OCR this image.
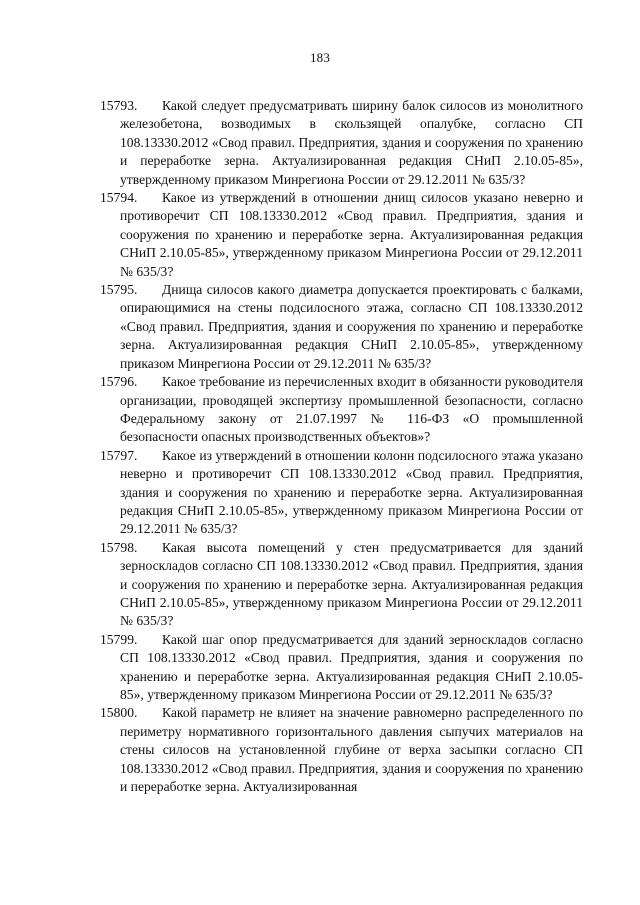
183

15793. Какой следует предусматривать ширину балок силосов из монолитного железобетона, возводимых в скользящей опалубке, согласно СП 108.13330.2012 «Свод правил. Предприятия, здания и сооружения по хранению и переработке зерна. Актуализированная редакция СНиП 2.10.05-85», утвержденному приказом Минрегиона России от 29.12.2011 № 635/3?

15794. Какое из утверждений в отношении днищ силосов указано неверно и противоречит СП 108.13330.2012 «Свод правил. Предприятия, здания и сооружения по хранению и переработке зерна. Актуализированная редакция СНиП 2.10.05-85», утвержденному приказом Минрегиона России от 29.12.2011 № 635/3?

15795. Днища силосов какого диаметра допускается проектировать с балками, опирающимися на стены подсилосного этажа, согласно СП 108.13330.2012 «Свод правил. Предприятия, здания и сооружения по хранению и переработке зерна. Актуализированная редакция СНиП 2.10.05-85», утвержденному приказом Минрегиона России от 29.12.2011 № 635/3?

15796. Какое требование из перечисленных входит в обязанности руководителя организации, проводящей экспертизу промышленной безопасности, согласно Федеральному закону от 21.07.1997 № 116-ФЗ «О промышленной безопасности опасных производственных объектов»?

15797. Какое из утверждений в отношении колонн подсилосного этажа указано неверно и противоречит СП 108.13330.2012 «Свод правил. Предприятия, здания и сооружения по хранению и переработке зерна. Актуализированная редакция СНиП 2.10.05-85», утвержденному приказом Минрегиона России от 29.12.2011 № 635/3?

15798. Какая высота помещений у стен предусматривается для зданий зерноскладов согласно СП 108.13330.2012 «Свод правил. Предприятия, здания и сооружения по хранению и переработке зерна. Актуализированная редакция СНиП 2.10.05-85», утвержденному приказом Минрегиона России от 29.12.2011 № 635/3?

15799. Какой шаг опор предусматривается для зданий зерноскладов согласно СП 108.13330.2012 «Свод правил. Предприятия, здания и сооружения по хранению и переработке зерна. Актуализированная редакция СНиП 2.10.05-85», утвержденному приказом Минрегиона России от 29.12.2011 № 635/3?

15800. Какой параметр не влияет на значение равномерно распределенного по периметру нормативного горизонтального давления сыпучих материалов на стены силосов на установленной глубине от верха засыпки согласно СП 108.13330.2012 «Свод правил. Предприятия, здания и сооружения по хранению и переработке зерна. Актуализированная
